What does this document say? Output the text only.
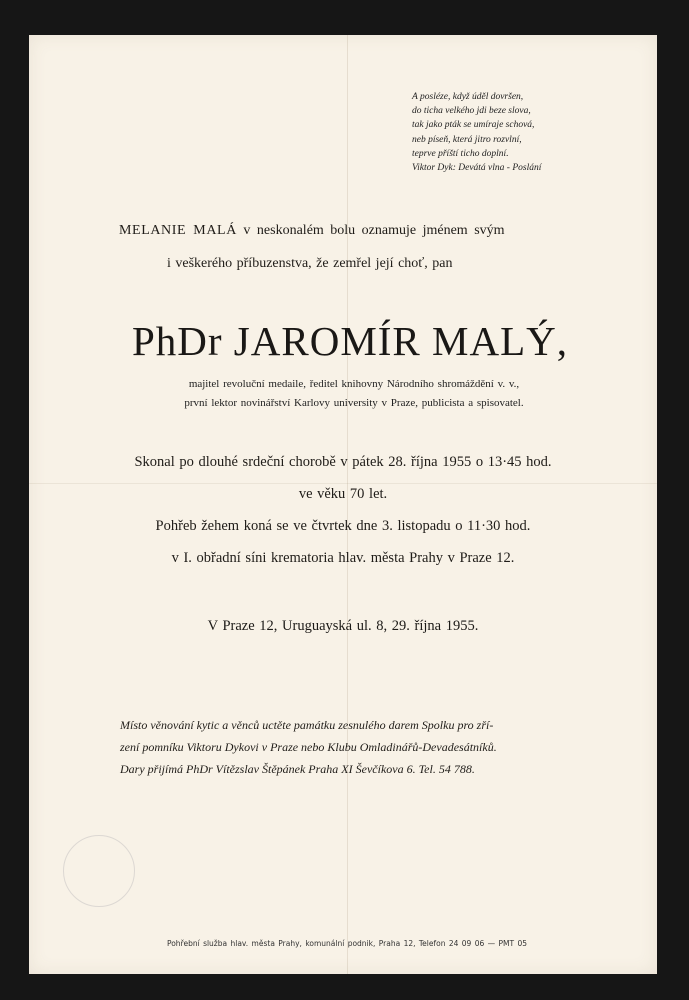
A posléze, když úděl dovršen,
do ticha velkého jdi beze slova,
tak jako pták se umíraje schová,
neb píseň, která jitro rozvlní,
teprve příští ticho doplní.
Viktor Dyk: Devátá vlna - Poslání
MELANIE MALÁ v neskonalém bolu oznamuje jménem svým
i veškerého příbuzenstva, že zemřel její choť, pan
PhDr JAROMÍR MALÝ,
majitel revoluční medaile, ředitel knihovny Národního shromáždění v. v.,
první lektor novinářství Karlovy university v Praze, publicista a spisovatel.
Skonal po dlouhé srdeční chorobě v pátek 28. října 1955 o 13·45 hod.
ve věku 70 let.
Pohřeb žehem koná se ve čtvrtek dne 3. listopadu o 11·30 hod.
v I. obřadní síni krematoria hlav. města Prahy v Praze 12.
V Praze 12, Uruguayská ul. 8, 29. října 1955.
Místo věnování kytic a věnců uctěte památku zesnulého darem Spolku pro zří-
zení pomníku Viktoru Dykovi v Praze nebo Klubu Omladinářů-Devadesátníků.
Dary přijímá PhDr Vítězslav Štěpánek Praha XI Ševčíkova 6. Tel. 54 788.
Pohřební služba hlav. města Prahy, komunální podnik, Praha 12, Telefon 24 09 06 — PMT 05
